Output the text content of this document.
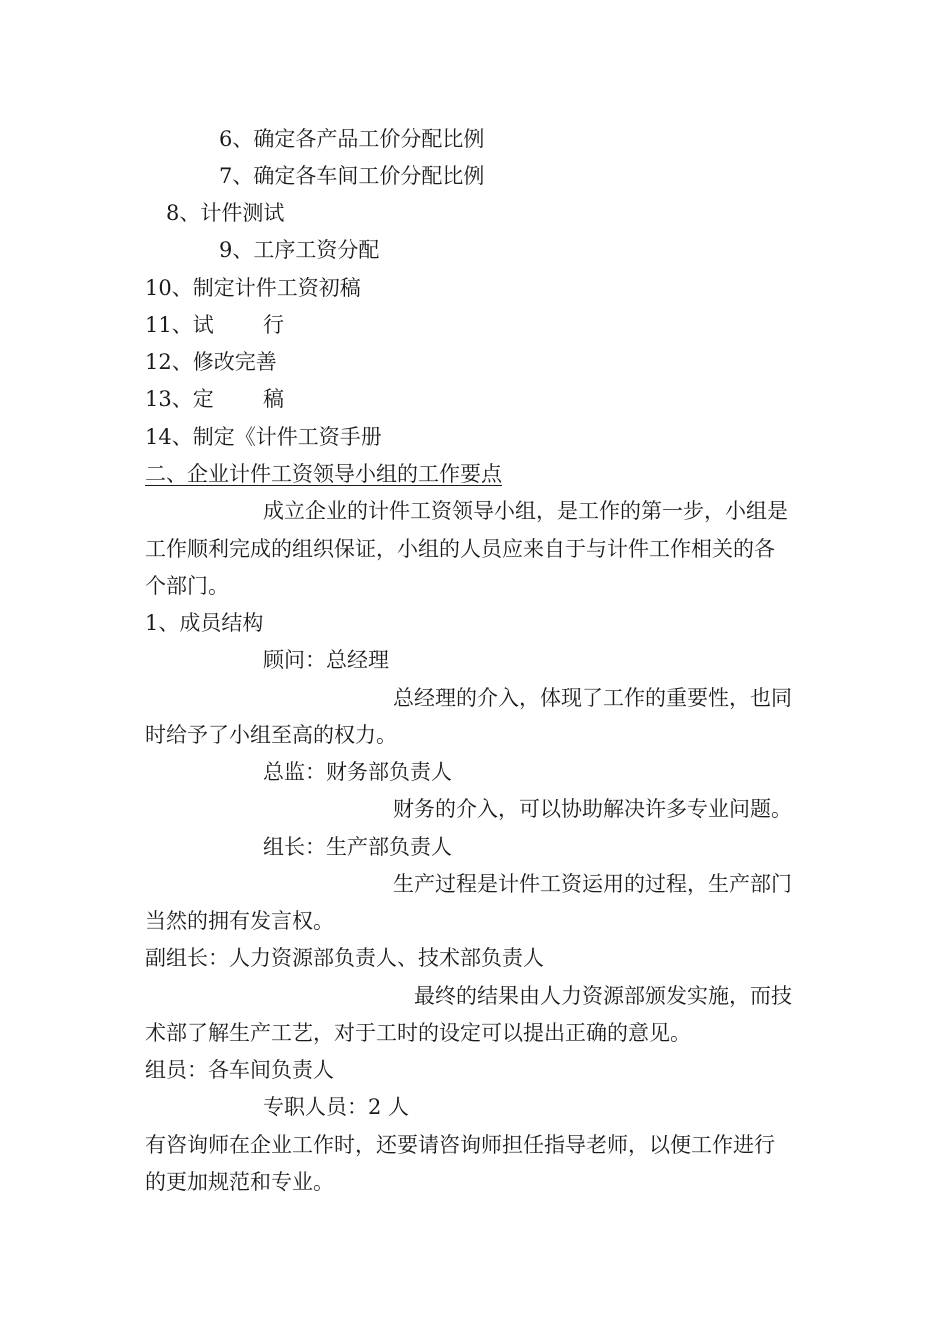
6、确定各产品工价分配比例
7、确定各车间工价分配比例
8、计件测试
9、工序工资分配
10、制定计件工资初稿
11、试 行
12、修改完善
13、定 稿
14、制定《计件工资手册
二、企业计件工资领导小组的工作要点
成立企业的计件工资领导小组，是工作的第一步，小组是
工作顺利完成的组织保证，小组的人员应来自于与计件工作相关的各
个部门。
1、成员结构
顾问：总经理
总经理的介入，体现了工作的重要性，也同
时给予了小组至高的权力。
总监：财务部负责人
财务的介入，可以协助解决许多专业问题。
组长：生产部负责人
生产过程是计件工资运用的过程，生产部门
当然的拥有发言权。
副组长：人力资源部负责人、技术部负责人
最终的结果由人力资源部颁发实施，而技
术部了解生产工艺，对于工时的设定可以提出正确的意见。
组员：各车间负责人
专职人员：2 人
有咨询师在企业工作时，还要请咨询师担任指导老师，以便工作进行
的更加规范和专业。
